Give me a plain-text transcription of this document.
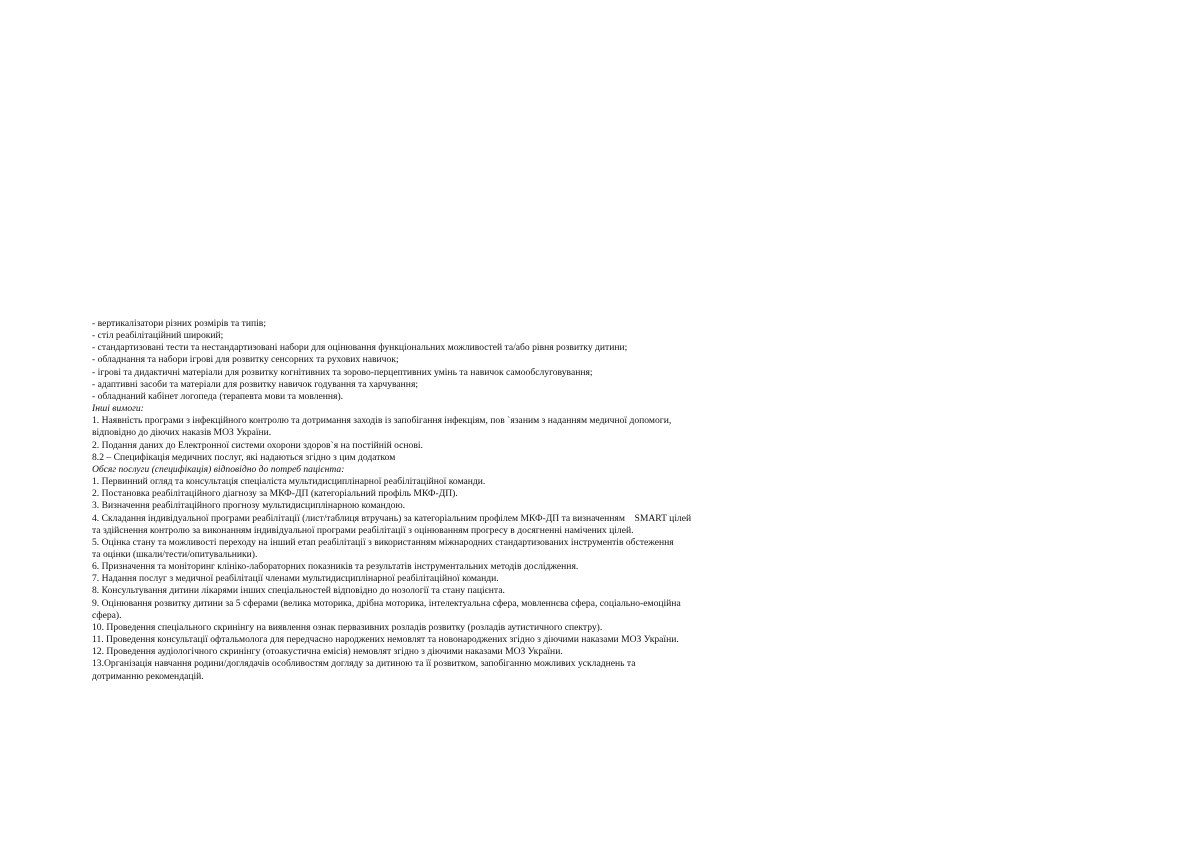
- вертикалізатори різних розмірів та типів;
- стіл реабілітаційний широкий;
- стандартизовані тести та нестандартизовані набори для оцінювання функціональних можливостей та/або рівня розвитку дитини;
- обладнання та набори ігрові для розвитку сенсорних та рухових навичок;
- ігрові та дидактичні матеріали для розвитку когнітивних та зорово-перцептивних умінь та навичок самообслуговування;
- адаптивні засоби та матеріали для розвитку навичок годування та харчування;
- обладнаний кабінет логопеда (терапевта мови та мовлення).
Інші вимоги:
1. Наявність програми з інфекційного контролю та дотримання заходів із запобігання інфекціям, пов `язаним з наданням медичної допомоги,
відповідно до діючих наказів МОЗ України.
2. Подання даних до Електронної системи охорони здоров`я на постійній основі.
8.2 – Специфікація медичних послуг, які надаються згідно з цим додатком
Обсяг послуги (специфікація) відповідно до потреб пацієнта:
1. Первинний огляд та консультація спеціаліста мультидисциплінарної реабілітаційної команди.
2. Постановка реабілітаційного діагнозу за МКФ-ДП (категоріальний профіль МКФ-ДП).
3. Визначення реабілітаційного прогнозу мультидисциплінарною командою.
4. Складання індивідуальної програми реабілітації (лист/таблиця втручань) за категоріальним профілем МКФ-ДП та визначенням    SMART цілей
та здійснення контролю за виконанням індивідуальної програми реабілітації з оцінюванням прогресу в досягненні намічених цілей.
5. Оцінка стану та можливості переходу на інший етап реабілітації з використанням міжнародних стандартизованих інструментів обстеження
та оцінки (шкали/тести/опитувальники).
6. Призначення та моніторинг клініко-лабораторних показників та результатів інструментальних методів дослідження.
7. Надання послуг з медичної реабілітації членами мультидисциплінарної реабілітаційної команди.
8. Консультування дитини лікарями інших спеціальностей відповідно до нозології та стану пацієнта.
9. Оцінювання розвитку дитини за 5 сферами (велика моторика, дрібна моторика, інтелектуальна сфера, мовленнєва сфера, соціально-емоційна
сфера).
10. Проведення спеціального скринінгу на виявлення ознак первазивних розладів розвитку (розладів аутистичного спектру).
11. Проведення консультації офтальмолога для передчасно народжених немовлят та новонароджених згідно з діючими наказами МОЗ України.
12. Проведення аудіологічного скринінгу (отоакустична емісія) немовлят згідно з діючими наказами МОЗ України.
13.Організація навчання родини/доглядачів особливостям догляду за дитиною та її розвитком, запобіганню можливих ускладнень та
дотриманню рекомендацій.
